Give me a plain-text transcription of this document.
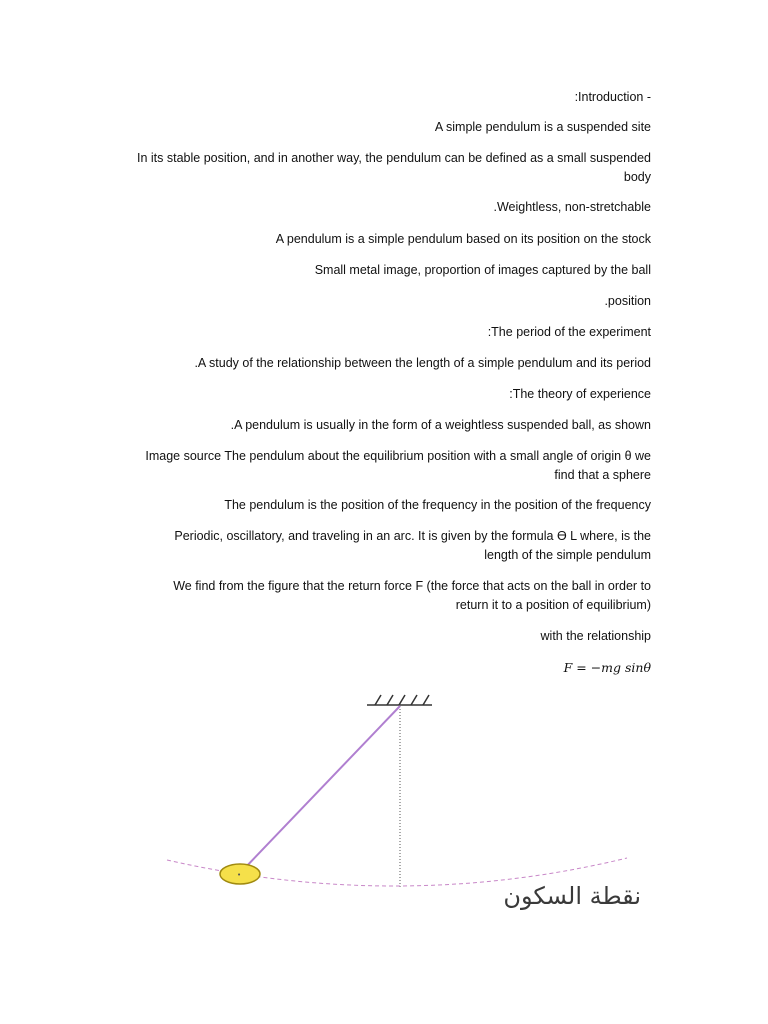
:Introduction -
A simple pendulum is a suspended site
In its stable position, and in another way, the pendulum can be defined as a small suspended
body
.Weightless, non-stretchable
A pendulum is a simple pendulum based on its position on the stock
Small metal image, proportion of images captured by the ball
.position
:The period of the experiment
.A study of the relationship between the length of a simple pendulum and its period
:The theory of experience
.A pendulum is usually in the form of a weightless suspended ball, as shown
Image source The pendulum about the equilibrium position with a small angle of origin θ we
find that a sphere
The pendulum is the position of the frequency in the position of the frequency
Periodic, oscillatory, and traveling in an arc. It is given by the formula ϴ L where, is the
length of the simple pendulum
We find from the figure that the return force F (the force that acts on the ball in order to
return it to a position of equilibrium)
with the relationship
F = −mg sinθ
•
نقطة السكون
